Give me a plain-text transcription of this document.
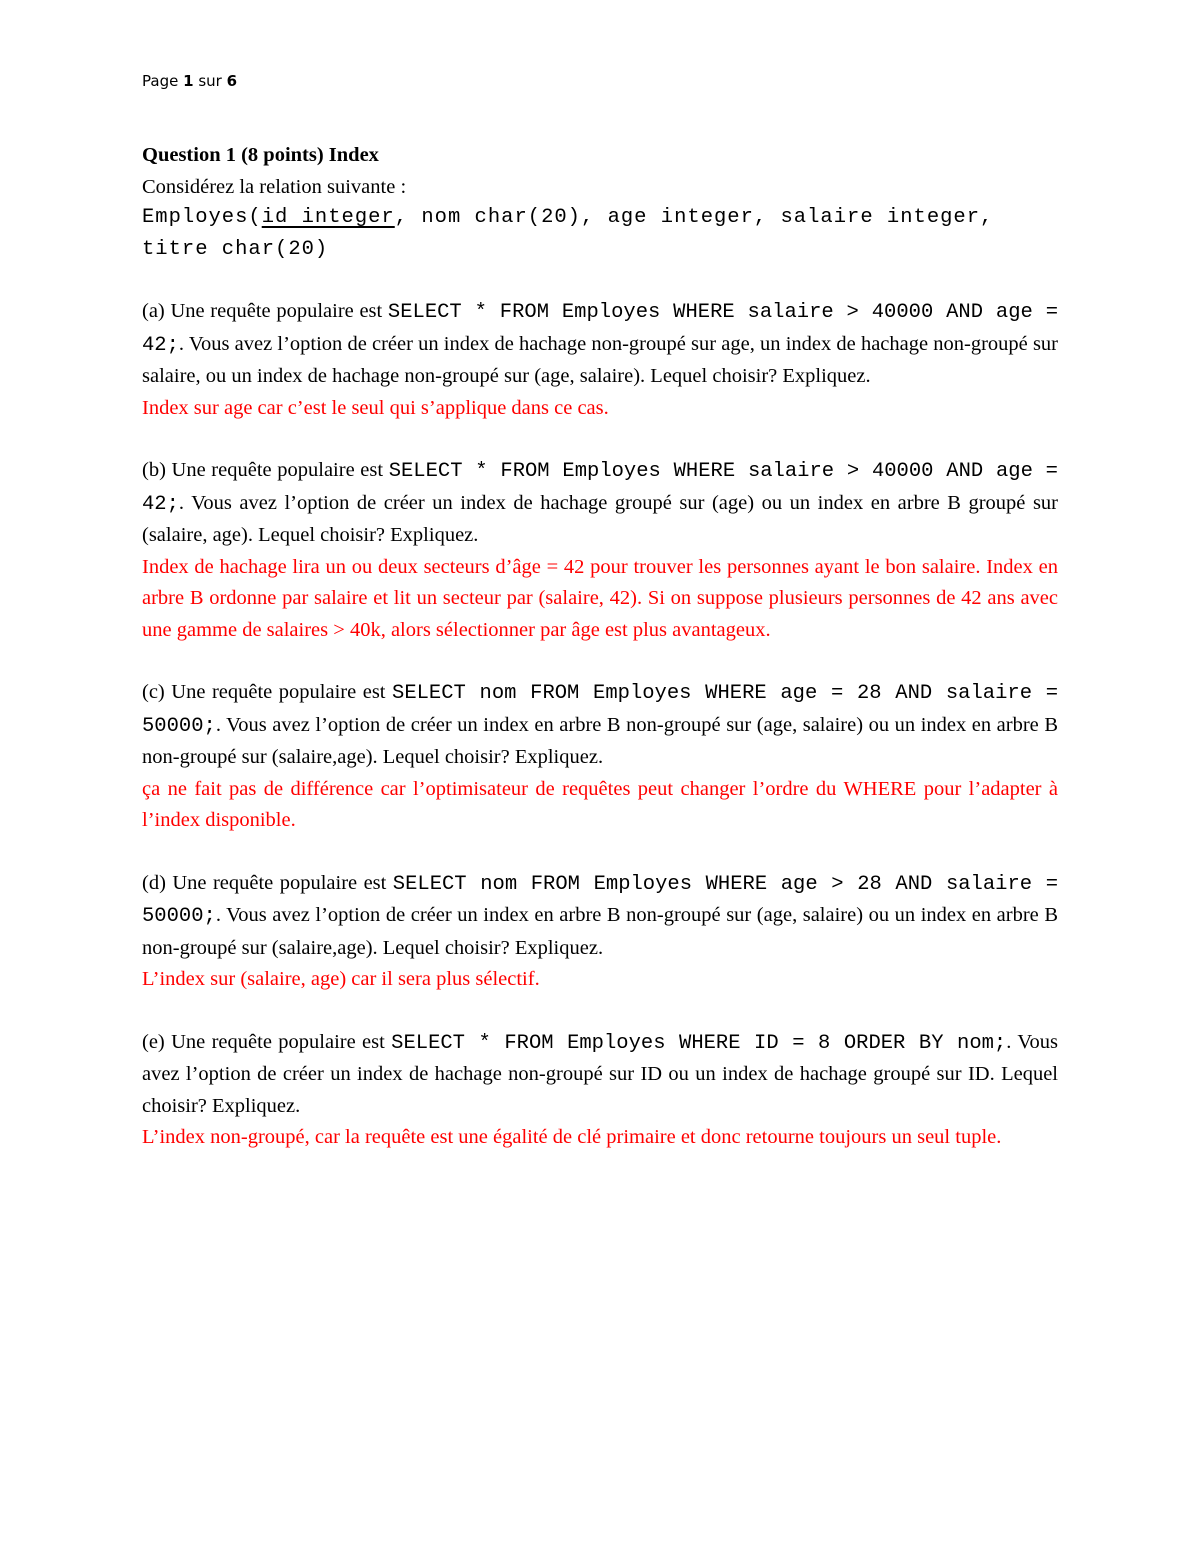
Page 1 sur 6
Question 1 (8 points) Index
Considérez la relation suivante :
Employes(id integer, nom char(20), age integer, salaire integer,
titre char(20)
(a) Une requête populaire est SELECT * FROM Employes WHERE salaire > 40000 AND age = 42;. Vous avez l’option de créer un index de hachage non-groupé sur age, un index de hachage non-groupé sur salaire, ou un index de hachage non-groupé sur (age, salaire). Lequel choisir? Expliquez.
Index sur age car c’est le seul qui s’applique dans ce cas.
(b) Une requête populaire est SELECT * FROM Employes WHERE salaire > 40000 AND age = 42;. Vous avez l’option de créer un index de hachage groupé sur (age) ou un index en arbre B groupé sur (salaire, age). Lequel choisir? Expliquez.
Index de hachage lira un ou deux secteurs d’âge = 42 pour trouver les personnes ayant le bon salaire. Index en arbre B ordonne par salaire et lit un secteur par (salaire, 42). Si on suppose plusieurs personnes de 42 ans avec une gamme de salaires > 40k, alors sélectionner par âge est plus avantageux.
(c) Une requête populaire est SELECT nom FROM Employes WHERE age = 28 AND salaire = 50000;. Vous avez l’option de créer un index en arbre B non-groupé sur (age, salaire) ou un index en arbre B non-groupé sur (salaire,age). Lequel choisir? Expliquez.
ça ne fait pas de différence car l’optimisateur de requêtes peut changer l’ordre du WHERE pour l’adapter à l’index disponible.
(d) Une requête populaire est SELECT nom FROM Employes WHERE age > 28 AND salaire = 50000;. Vous avez l’option de créer un index en arbre B non-groupé sur (age, salaire) ou un index en arbre B non-groupé sur (salaire,age). Lequel choisir? Expliquez.
L’index sur (salaire, age) car il sera plus sélectif.
(e) Une requête populaire est SELECT * FROM Employes WHERE ID = 8 ORDER BY nom;. Vous avez l’option de créer un index de hachage non-groupé sur ID ou un index de hachage groupé sur ID. Lequel choisir? Expliquez.
L’index non-groupé, car la requête est une égalité de clé primaire et donc retourne toujours un seul tuple.
